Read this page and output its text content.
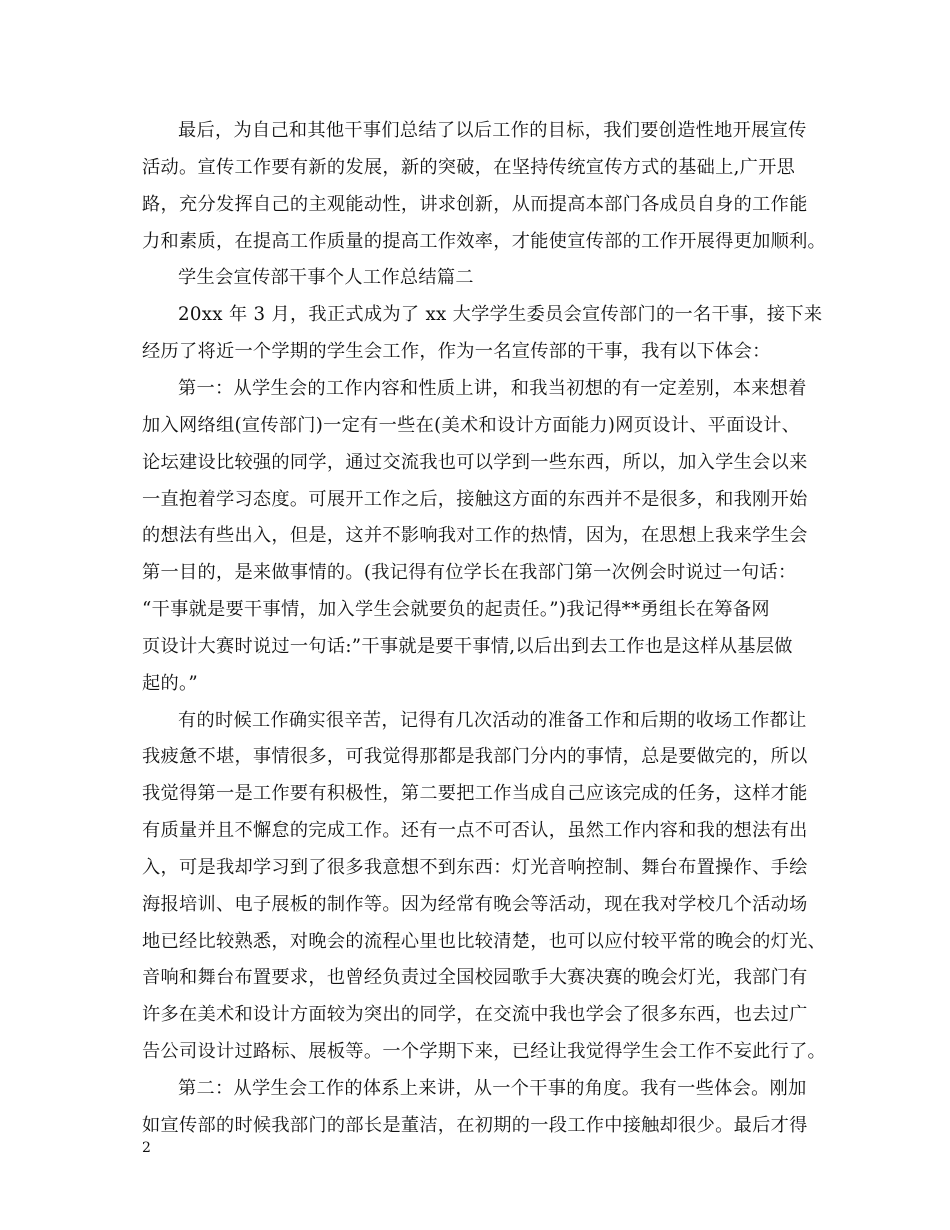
最后，为自己和其他干事们总结了以后工作的目标，我们要创造性地开展宣传
活动。宣传工作要有新的发展，新的突破，在坚持传统宣传方式的基础上,广开思
路，充分发挥自己的主观能动性，讲求创新，从而提高本部门各成员自身的工作能
力和素质，在提高工作质量的提高工作效率，才能使宣传部的工作开展得更加顺利。
学生会宣传部干事个人工作总结篇二
20xx 年 3 月，我正式成为了 xx 大学学生委员会宣传部门的一名干事，接下来
经历了将近一个学期的学生会工作，作为一名宣传部的干事，我有以下体会：
第一：从学生会的工作内容和性质上讲，和我当初想的有一定差别，本来想着
加入网络组(宣传部门)一定有一些在(美术和设计方面能力)网页设计、平面设计、
论坛建设比较强的同学，通过交流我也可以学到一些东西，所以，加入学生会以来
一直抱着学习态度。可展开工作之后，接触这方面的东西并不是很多，和我刚开始
的想法有些出入，但是，这并不影响我对工作的热情，因为，在思想上我来学生会
第一目的，是来做事情的。(我记得有位学长在我部门第一次例会时说过一句话：
“干事就是要干事情，加入学生会就要负的起责任。”)我记得**勇组长在筹备网
页设计大赛时说过一句话:”干事就是要干事情,以后出到去工作也是这样从基层做
起的。”
有的时候工作确实很辛苦，记得有几次活动的准备工作和后期的收场工作都让
我疲惫不堪，事情很多，可我觉得那都是我部门分内的事情，总是要做完的，所以
我觉得第一是工作要有积极性，第二要把工作当成自己应该完成的任务，这样才能
有质量并且不懈怠的完成工作。还有一点不可否认，虽然工作内容和我的想法有出
入，可是我却学习到了很多我意想不到东西：灯光音响控制、舞台布置操作、手绘
海报培训、电子展板的制作等。因为经常有晚会等活动，现在我对学校几个活动场
地已经比较熟悉，对晚会的流程心里也比较清楚，也可以应付较平常的晚会的灯光、
音响和舞台布置要求，也曾经负责过全国校园歌手大赛决赛的晚会灯光，我部门有
许多在美术和设计方面较为突出的同学，在交流中我也学会了很多东西，也去过广
告公司设计过路标、展板等。一个学期下来，已经让我觉得学生会工作不妄此行了。
第二：从学生会工作的体系上来讲，从一个干事的角度。我有一些体会。刚加
如宣传部的时候我部门的部长是董洁，在初期的一段工作中接触却很少。最后才得
2
